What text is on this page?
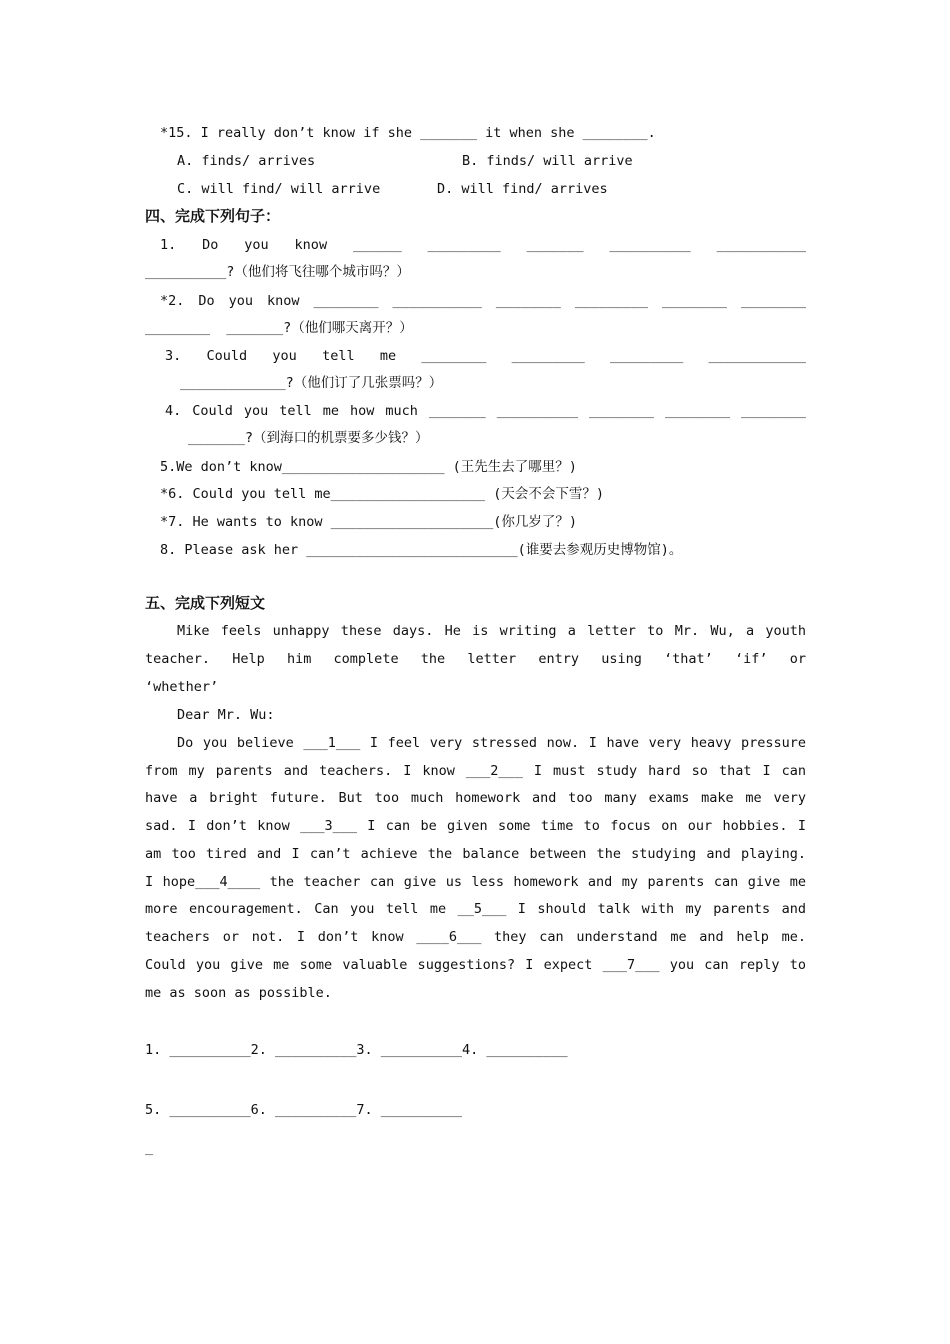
*15. I really don’t know if she _______ it when she ________.
A. finds/ arrives	B. finds/ will arrive
C. will find/ will arrive	D. will find/ arrives
四、完成下列句子：
1. Do you know ______ _________ _______ __________ ___________
__________?（他们将飞往哪个城市吗？）
*2. Do you know ________ ___________ ________ _________ ________ ________
________  _______?（他们哪天离开？）
3. Could you tell me ________ _________ _________ ____________
_____________?（他们订了几张票吗？）
4. Could you tell me how much _______ __________ ________ ________ ________
_______?（到海口的机票要多少钱？）
5.We don’t know____________________ (王先生去了哪里？)
*6. Could you tell me___________________ (天会不会下雪？)
*7. He wants to know ____________________(你几岁了？)
8. Please ask her __________________________(谁要去参观历史博物馆)。
五、完成下列短文
Mike feels unhappy these days. He is writing a letter to Mr. Wu, a youth
teacher. Help him complete the letter entry using ‘that’ ‘if’ or
‘whether’
Dear Mr. Wu:
Do you believe ___1___ I feel very stressed now. I have very heavy pressure
from my parents and teachers. I know ___2___ I must study hard so that I can
have a bright future. But too much homework and too many exams make me very
sad. I don’t know ___3___ I can be given some time to focus on our hobbies. I
am too tired and I can’t achieve the balance between the studying and playing.
I hope___4____ the teacher can give us less homework and my parents can give me
more encouragement. Can you tell me __5___ I should talk with my parents and
teachers or not. I don’t know ____6___ they can understand me and help me.
Could you give me some valuable suggestions? I expect ___7___ you can reply to
me as soon as possible.
1. __________2. __________3. __________4. __________
5. __________6. __________7. __________
_
